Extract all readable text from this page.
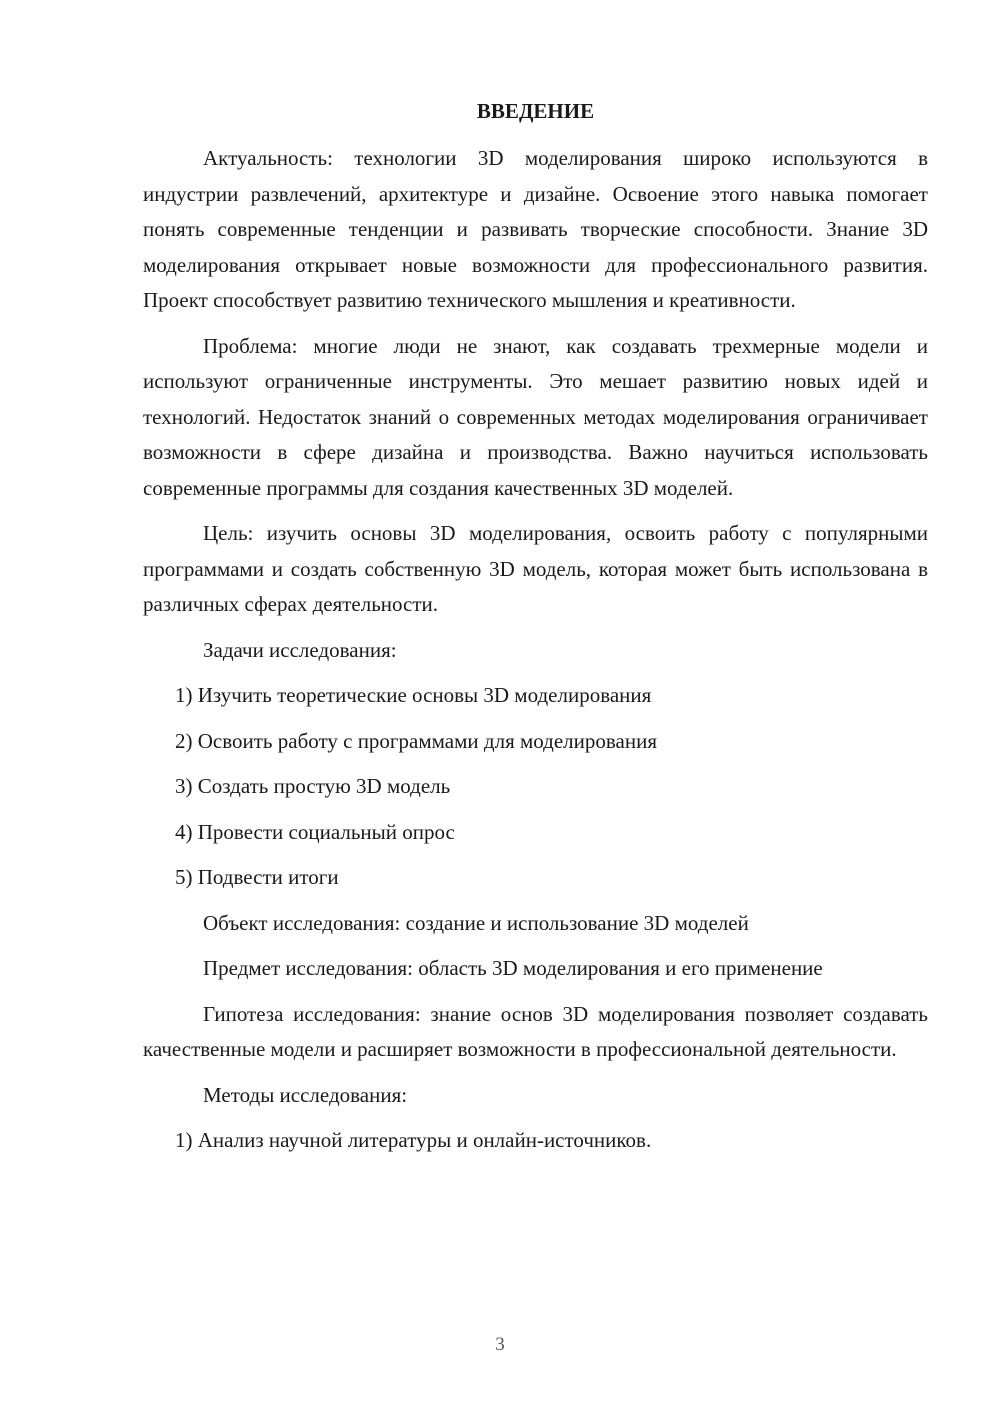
ВВЕДЕНИЕ

Актуальность: технологии 3D моделирования широко используются в индустрии развлечений, архитектуре и дизайне. Освоение этого навыка помогает понять современные тенденции и развивать творческие способности. Знание 3D моделирования открывает новые возможности для профессионального развития. Проект способствует развитию технического мышления и креативности.

Проблема: многие люди не знают, как создавать трехмерные модели и используют ограниченные инструменты. Это мешает развитию новых идей и технологий. Недостаток знаний о современных методах моделирования ограничивает возможности в сфере дизайна и производства. Важно научиться использовать современные программы для создания качественных 3D моделей.

Цель: изучить основы 3D моделирования, освоить работу с популярными программами и создать собственную 3D модель, которая может быть использована в различных сферах деятельности.

Задачи исследования:

1) Изучить теоретические основы 3D моделирования

2) Освоить работу с программами для моделирования

3) Создать простую 3D модель

4) Провести социальный опрос

5) Подвести итоги

Объект исследования: создание и использование 3D моделей

Предмет исследования: область 3D моделирования и его применение

Гипотеза исследования: знание основ 3D моделирования позволяет создавать качественные модели и расширяет возможности в профессиональной деятельности.

Методы исследования:

1) Анализ научной литературы и онлайн-источников.

3
